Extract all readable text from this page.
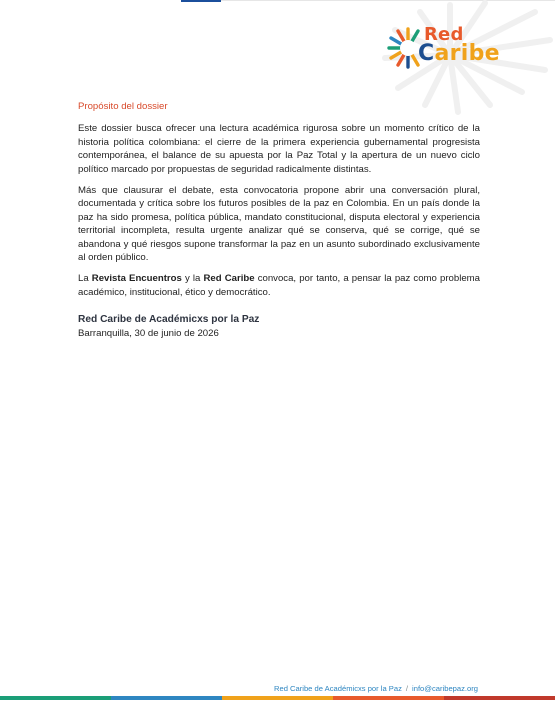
Red
Caribe
Propósito del dossier

Este dossier busca ofrecer una lectura académica rigurosa sobre un momento crítico de la historia política colombiana: el cierre de la primera experiencia gubernamental progresista contemporánea, el balance de su apuesta por la Paz Total y la apertura de un nuevo ciclo político marcado por propuestas de seguridad radicalmente distintas.

Más que clausurar el debate, esta convocatoria propone abrir una conversación plural, documentada y crítica sobre los futuros posibles de la paz en Colombia. En un país donde la paz ha sido promesa, política pública, mandato constitucional, disputa electoral y experiencia territorial incompleta, resulta urgente analizar qué se conserva, qué se corrige, qué se abandona y qué riesgos supone transformar la paz en un asunto subordinado exclusivamente al orden público.

La Revista Encuentros y la Red Caribe convoca, por tanto, a pensar la paz como problema académico, institucional, ético y democrático.

Red Caribe de Académicxs por la Paz
Barranquilla, 30 de junio de 2026
Red Caribe de Académicxs por la Paz / info@caribepaz.org
